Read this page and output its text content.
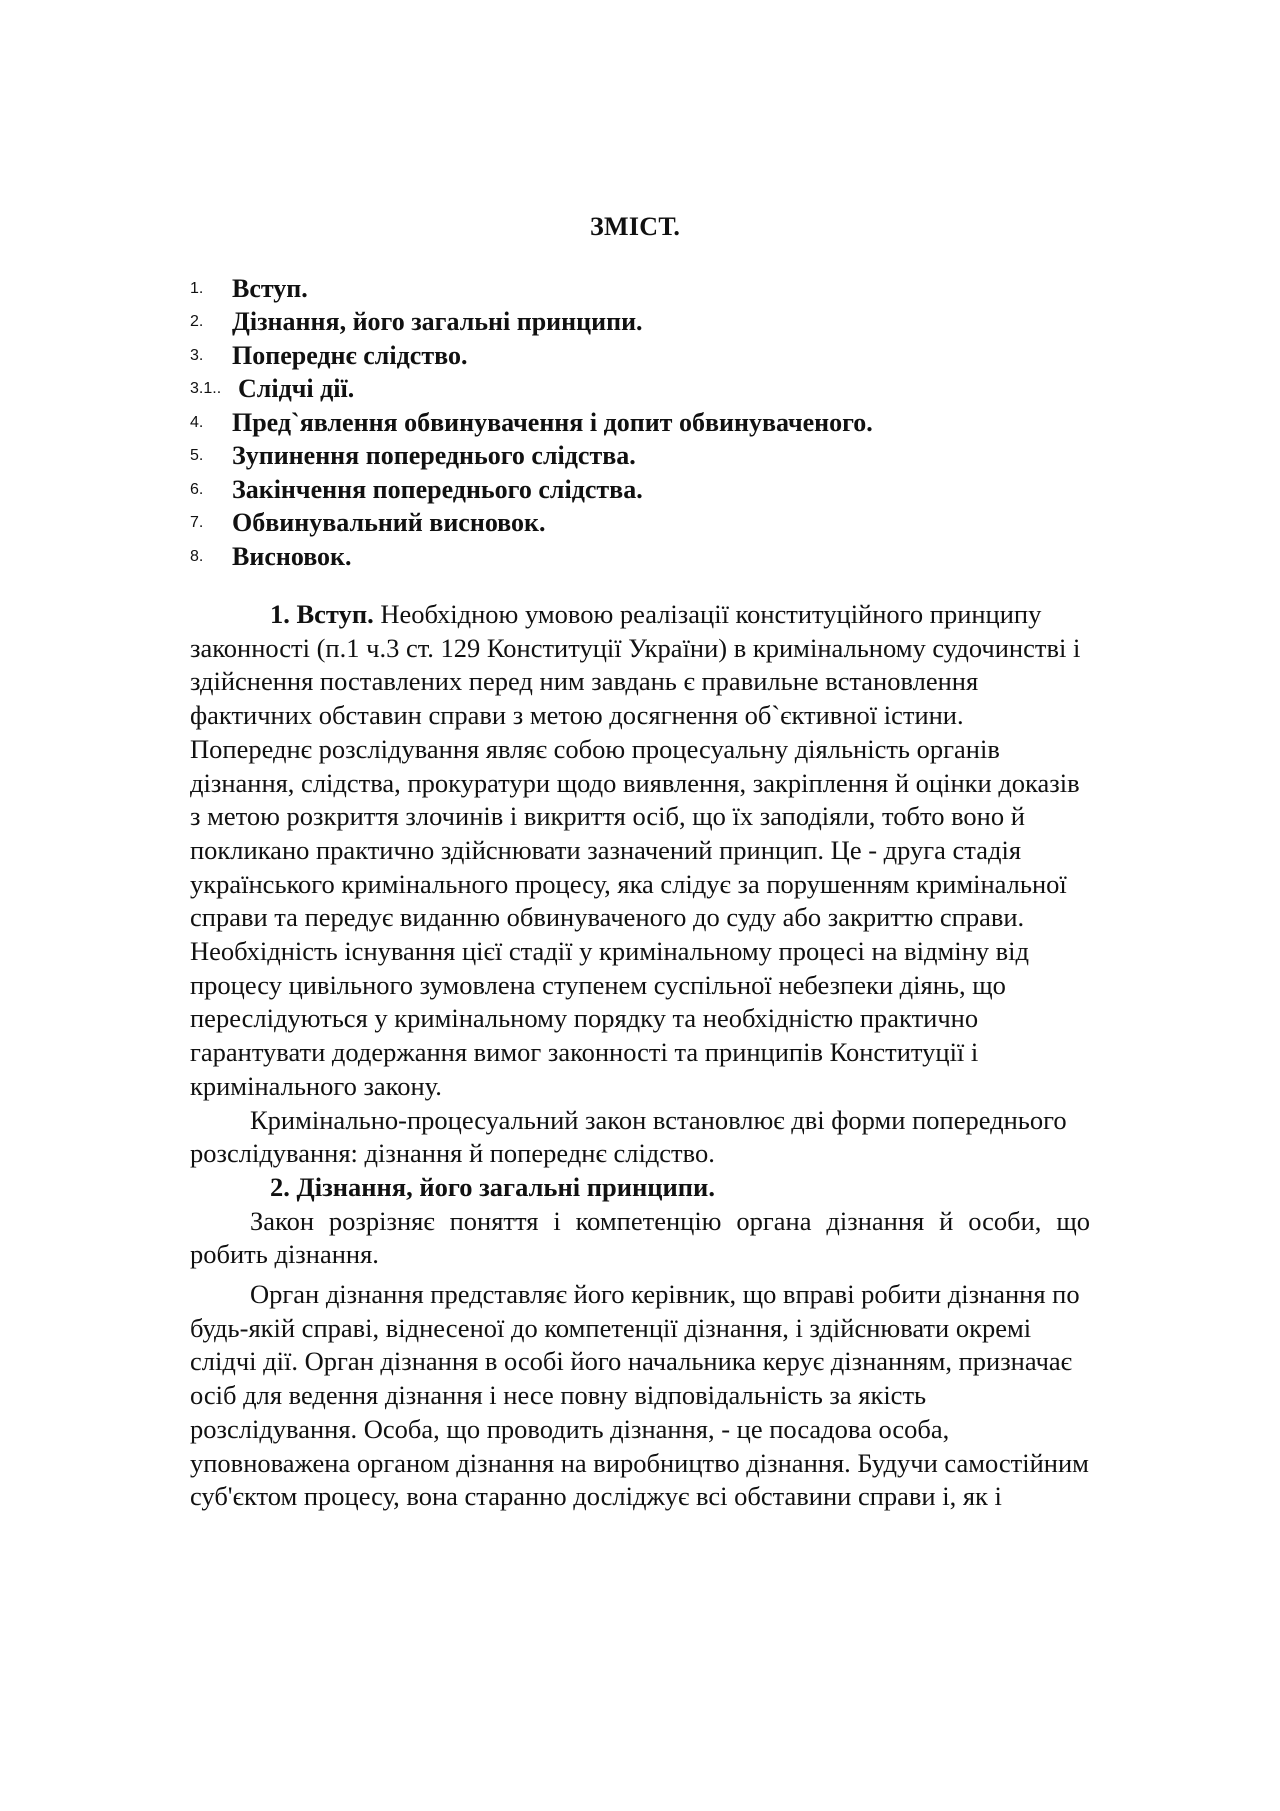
ЗМІСТ.
1.	Вступ.
2.	Дізнання, його загальні принципи.
3.	Попереднє слідство.
3.1.. Слідчі дії.
4.	Пред`явлення обвинувачення і допит обвинуваченого.
5.	Зупинення попереднього слідства.
6.	Закінчення попереднього слідства.
7.	Обвинувальний висновок.
8.	Висновок.

1. Вступ. Необхідною умовою реалізації конституційного принципу законності (п.1 ч.3 ст. 129 Конституції України) в кримінальному судочинстві і здійснення поставлених перед ним завдань є правильне встановлення фактичних обставин справи з метою досягнення об`єктивної істини. Попереднє розслідування являє собою процесуальну діяльність органів дізнання, слідства, прокуратури щодо виявлення, закріплення й оцінки доказів з метою розкриття злочинів і викриття осіб, що їх заподіяли, тобто воно й покликано практично здійснювати зазначений принцип. Це - друга стадія українського кримінального процесу, яка слідує за порушенням кримінальної справи та передує виданню обвинуваченого до суду або закриттю справи. Необхідність існування цієї стадії у кримінальному процесі на відміну від процесу цивільного зумовлена ступенем суспільної небезпеки діянь, що переслідуються у кримінальному порядку та необхідністю практично гарантувати додержання вимог законності та принципів Конституції і кримінального закону.

Кримінально-процесуальний закон встановлює дві форми попереднього розслідування: дізнання й попереднє слідство.

2. Дізнання, його загальні принципи.

Закон розрізняє поняття і компетенцію органа дізнання й особи, що робить дізнання.

Орган дізнання представляє його керівник, що вправі робити дізнання по будь-якій справі, віднесеної до компетенції дізнання, і здійснювати окремі слідчі дії. Орган дізнання в особі його начальника керує дізнанням, призначає осіб для ведення дізнання і несе повну відповідальність за якість розслідування. Особа, що проводить дізнання, - це посадова особа, уповноважена органом дізнання на виробництво дізнання. Будучи самостійним суб'єктом процесу, вона старанно досліджує всі обставини справи і, як і
